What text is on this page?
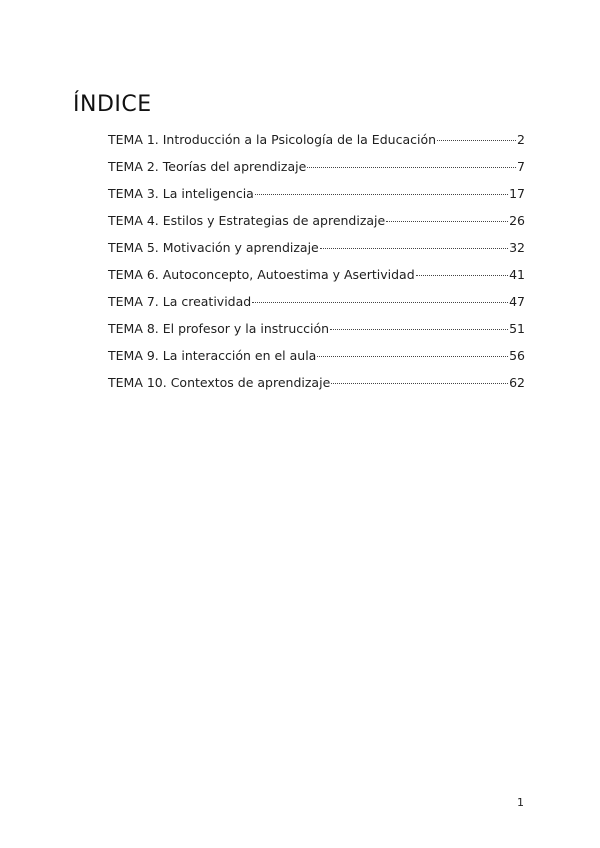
ÍNDICE
TEMA 1. Introducción a la Psicología de la Educación	2
TEMA 2. Teorías del aprendizaje	7
TEMA 3. La inteligencia	17
TEMA 4. Estilos y Estrategias de aprendizaje	26
TEMA 5. Motivación y aprendizaje	32
TEMA 6. Autoconcepto, Autoestima y Asertividad	41
TEMA 7. La creatividad	47
TEMA 8. El profesor y la instrucción	51
TEMA 9. La interacción en el aula	56
TEMA 10. Contextos de aprendizaje	62
1
